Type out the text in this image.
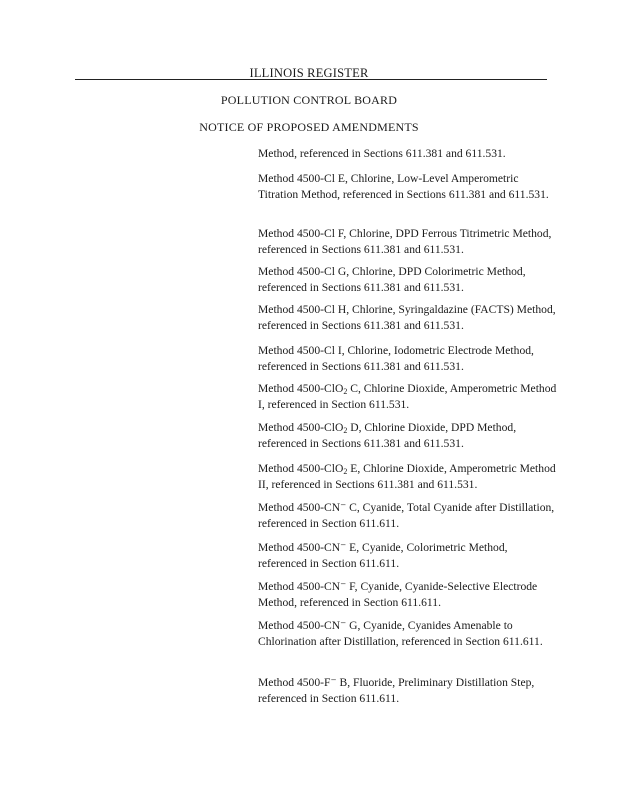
ILLINOIS REGISTER
POLLUTION CONTROL BOARD
NOTICE OF PROPOSED AMENDMENTS

Method, referenced in Sections 611.381 and 611.531.

Method 4500-Cl E, Chlorine, Low-Level Amperometric Titration Method, referenced in Sections 611.381 and 611.531.

Method 4500-Cl F, Chlorine, DPD Ferrous Titrimetric Method, referenced in Sections 611.381 and 611.531.

Method 4500-Cl G, Chlorine, DPD Colorimetric Method, referenced in Sections 611.381 and 611.531.

Method 4500-Cl H, Chlorine, Syringaldazine (FACTS) Method, referenced in Sections 611.381 and 611.531.

Method 4500-Cl I, Chlorine, Iodometric Electrode Method, referenced in Sections 611.381 and 611.531.

Method 4500-ClO$_2$ C, Chlorine Dioxide, Amperometric Method I, referenced in Section 611.531.

Method 4500-ClO$_2$ D, Chlorine Dioxide, DPD Method, referenced in Sections 611.381 and 611.531.

Method 4500-ClO$_2$ E, Chlorine Dioxide, Amperometric Method II, referenced in Sections 611.381 and 611.531.

Method 4500-CN⁻ C, Cyanide, Total Cyanide after Distillation, referenced in Section 611.611.

Method 4500-CN⁻ E, Cyanide, Colorimetric Method, referenced in Section 611.611.

Method 4500-CN⁻ F, Cyanide, Cyanide-Selective Electrode Method, referenced in Section 611.611.

Method 4500-CN⁻ G, Cyanide, Cyanides Amenable to Chlorination after Distillation, referenced in Section 611.611.

Method 4500-F⁻ B, Fluoride, Preliminary Distillation Step, referenced in Section 611.611.
